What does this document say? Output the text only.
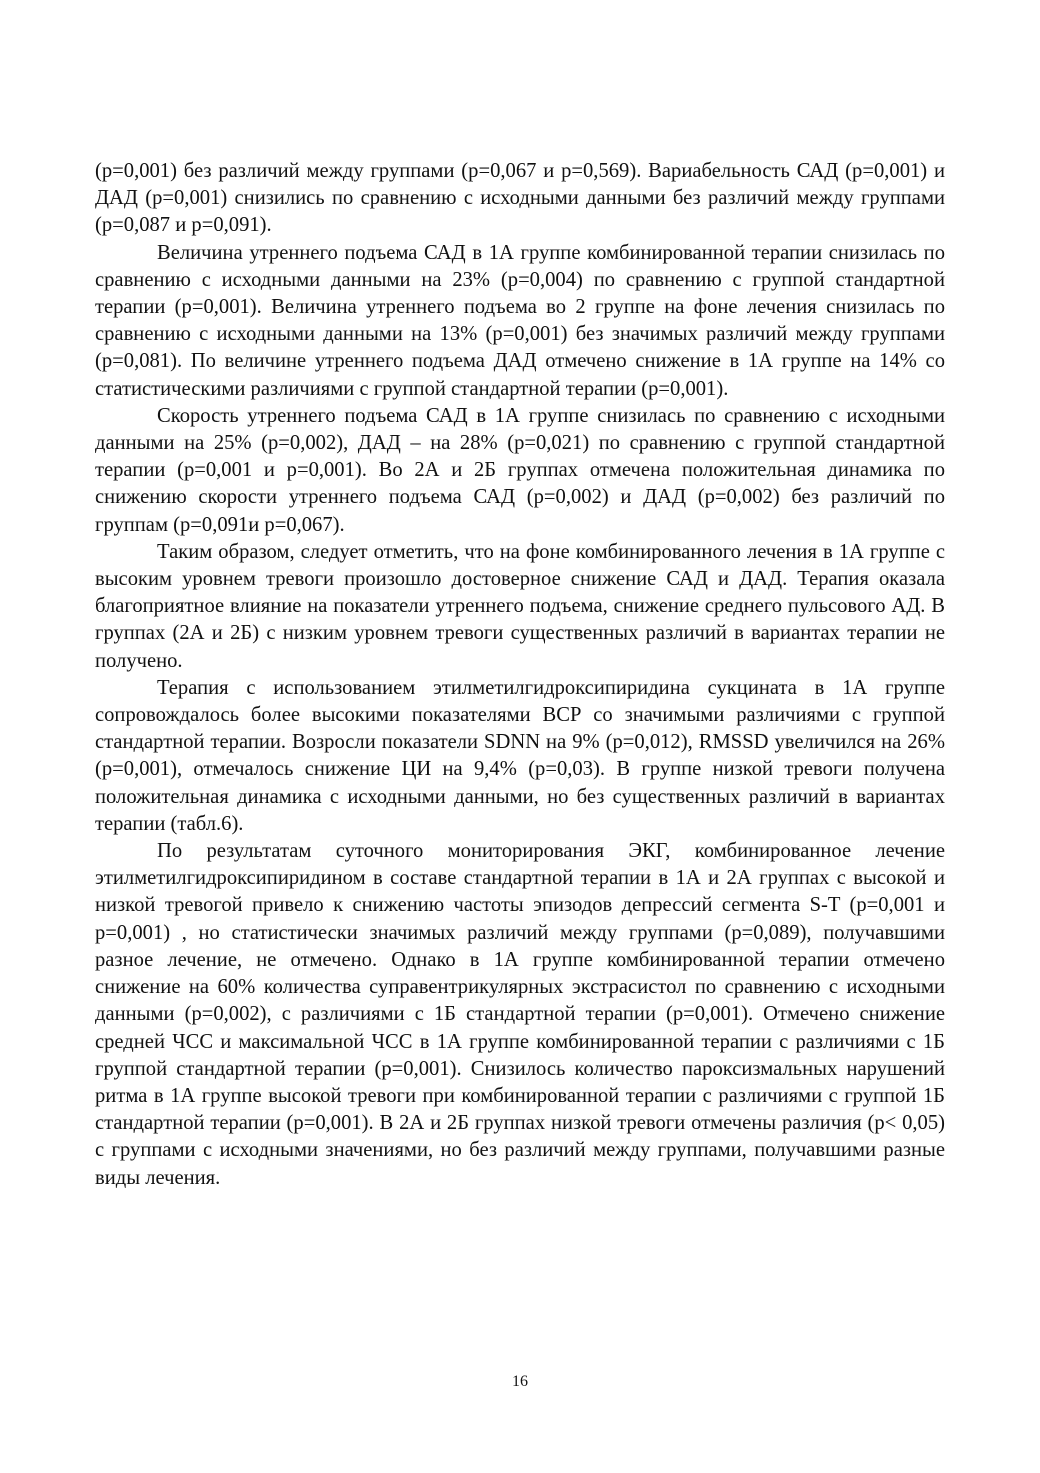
(p=0,001) без различий между группами (p=0,067 и p=0,569). Вариабельность САД (p=0,001) и ДАД (p=0,001) снизились по сравнению с исходными данными без различий между группами (p=0,087 и p=0,091).

Величина утреннего подъема САД в 1А группе комбинированной терапии снизилась по сравнению с исходными данными на 23% (p=0,004) по сравнению с группой стандартной терапии (p=0,001). Величина утреннего подъема во 2 группе на фоне лечения снизилась по сравнению с исходными данными на 13% (p=0,001) без значимых различий между группами (p=0,081). По величине утреннего подъема ДАД отмечено снижение в 1А группе на 14% со статистическими различиями с группой стандартной терапии (p=0,001).

Скорость утреннего подъема САД в 1А группе снизилась по сравнению с исходными данными на 25% (p=0,002), ДАД – на 28% (p=0,021) по сравнению с группой стандартной терапии (p=0,001 и p=0,001). Во 2А и 2Б группах отмечена положительная динамика по снижению скорости утреннего подъема САД (p=0,002) и ДАД (p=0,002) без различий по группам (p=0,091и p=0,067).

Таким образом, следует отметить, что на фоне комбинированного лечения в 1А группе с высоким уровнем тревоги произошло достоверное снижение САД и ДАД. Терапия оказала благоприятное влияние на показатели утреннего подъема, снижение среднего пульсового АД. В группах (2А и 2Б) с низким уровнем тревоги существенных различий в вариантах терапии не получено.

Терапия с использованием этилметилгидроксипиридина сукцината в 1А группе сопровождалось более высокими показателями ВСР со значимыми различиями с группой стандартной терапии. Возросли показатели SDNN на 9% (p=0,012), RMSSD увеличился на 26% (p=0,001), отмечалось снижение ЦИ на 9,4% (p=0,03). В группе низкой тревоги получена положительная динамика с исходными данными, но без существенных различий в вариантах терапии (табл.6).

По результатам суточного мониторирования ЭКГ, комбинированное лечение этилметилгидроксипиридином в составе стандартной терапии в 1А и 2А группах с высокой и низкой тревогой привело к снижению частоты эпизодов депрессий сегмента S-T (p=0,001 и p=0,001) , но статистически значимых различий между группами (p=0,089), получавшими разное лечение, не отмечено. Однако в 1А группе комбинированной терапии отмечено снижение на 60% количества суправентрикулярных экстрасистол по сравнению с исходными данными (p=0,002), с различиями с 1Б стандартной терапии (p=0,001). Отмечено снижение средней ЧСС и максимальной ЧСС в 1А группе комбинированной терапии с различиями с 1Б группой стандартной терапии (p=0,001). Снизилось количество пароксизмальных нарушений ритма в 1А группе высокой тревоги при комбинированной терапии с различиями с группой 1Б стандартной терапии (p=0,001). В 2А и 2Б группах низкой тревоги отмечены различия (p< 0,05) с группами с исходными значениями, но без различий между группами, получавшими разные виды лечения.

16
